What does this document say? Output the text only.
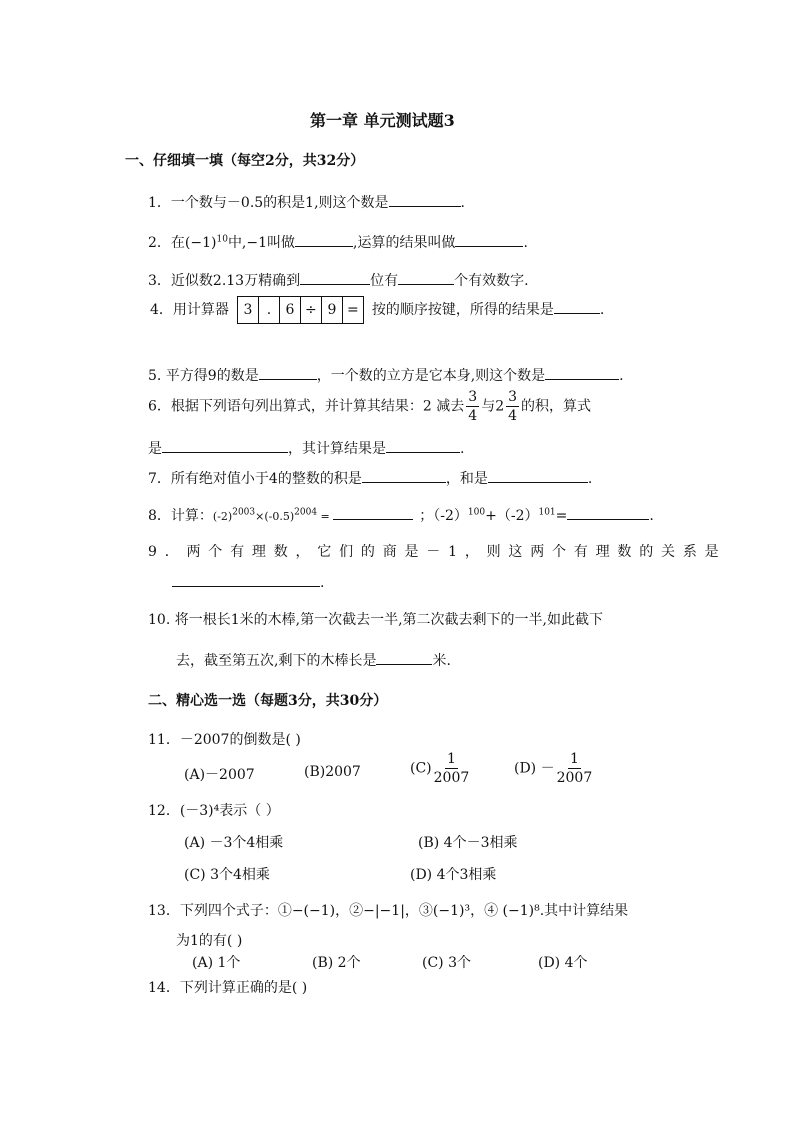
第一章 单元测试题3
一、仔细填一填（每空2分，共32分）
1．一个数与－0.5的积是1,则这个数是	.
2．在$(-1)^{10}$中,−1叫做	,运算的结果叫做	.
3．近似数2.13万精确到	位有	个有效数字.
4．用计算器	3	.	6 ÷ 9 = 按的顺序按键，所得的结果是	.
5. 平方得9的数是	，一个数的立方是它本身,则这个数是	.
6．根据下列语句列出算式，并计算其结果：2 减去 $\frac{3}{4}$ 与$2 \frac{3}{4}$ 的积，算式
是	，其计算结果是	.
7．所有绝对值小于4的整数的积是	，和是	.
8．计算：$(-2)^{2003}\times(-0.5)^{2004}$ =	；$(-2)^{100}+(-2)^{101}=$	.
9．两个有理数，它们的商是－1，则这两个有理数的关系是
.
10. 将一根长1米的木棒,第一次截去一半,第二次截去剩下的一半,如此截下
去，截至第五次,剩下的木棒长是	米.
二、精心选一选（每题3分，共30分）
11．－2007的倒数是( )
(A)－2007	(B)2007	$(C) \frac{1}{2007}$	$(D) - \frac{1}{2007}$
12．(－3)⁴表示（ ）
(A) －3个4相乘	(B) 4个－3相乘
(C) 3个4相乘	(D) 4个3相乘
13．下列四个式子：①−(−1)，②−|−1|，③(−1)³，④ (−1)⁸.其中计算结果
为1的有( )
(A) 1个	(B) 2个	(C) 3个	(D) 4个
14．下列计算正确的是( )
